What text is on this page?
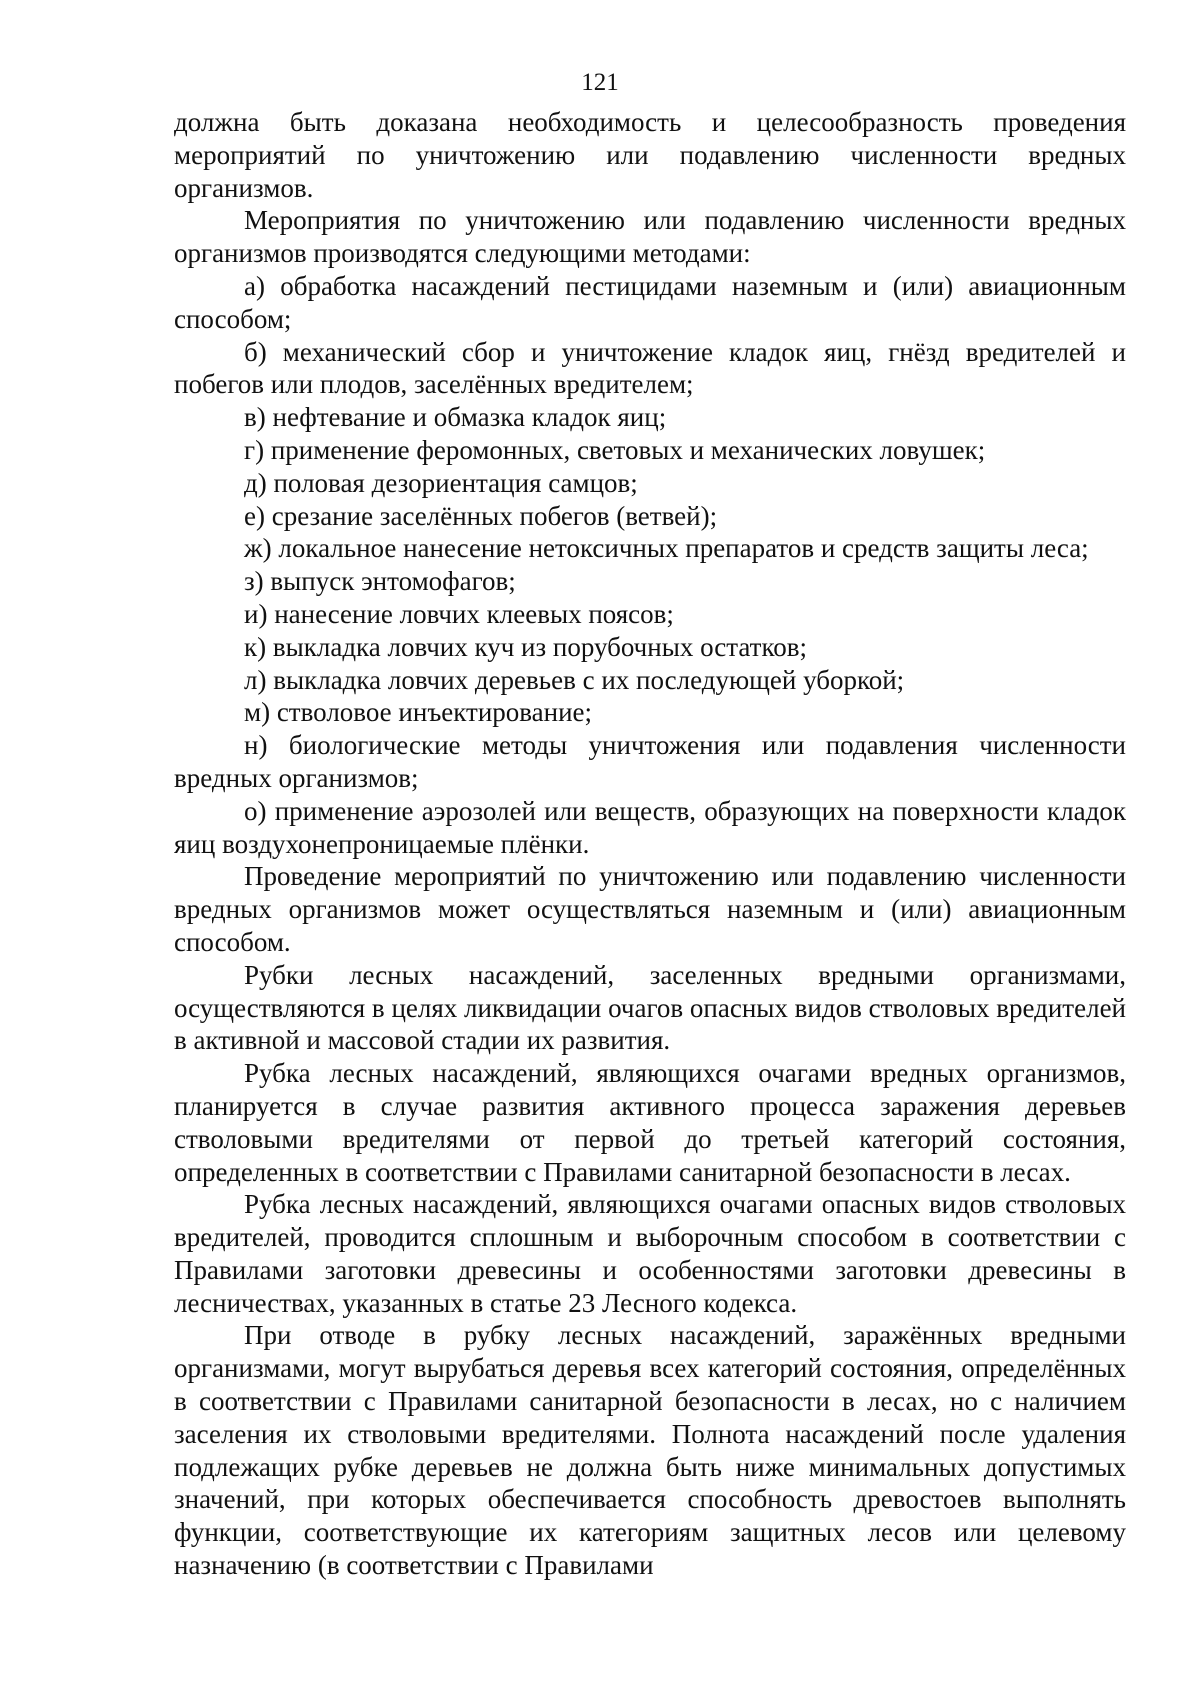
121

должна быть доказана необходимость и целесообразность проведения мероприятий по уничтожению или подавлению численности вредных организмов.

Мероприятия по уничтожению или подавлению численности вредных организмов производятся следующими методами:

а) обработка насаждений пестицидами наземным и (или) авиационным способом;

б) механический сбор и уничтожение кладок яиц, гнёзд вредителей и побегов или плодов, заселённых вредителем;

в) нефтевание и обмазка кладок яиц;

г) применение феромонных, световых и механических ловушек;

д) половая дезориентация самцов;

е) срезание заселённых побегов (ветвей);

ж) локальное нанесение нетоксичных препаратов и средств защиты леса;

з) выпуск энтомофагов;

и) нанесение ловчих клеевых поясов;

к) выкладка ловчих куч из порубочных остатков;

л) выкладка ловчих деревьев с их последующей уборкой;

м) стволовое инъектирование;

н) биологические методы уничтожения или подавления численности вредных организмов;

о) применение аэрозолей или веществ, образующих на поверхности кладок яиц воздухонепроницаемые плёнки.

Проведение мероприятий по уничтожению или подавлению численности вредных организмов может осуществляться наземным и (или) авиационным способом.

Рубки лесных насаждений, заселенных вредными организмами, осуществляются в целях ликвидации очагов опасных видов стволовых вредителей в активной и массовой стадии их развития.

Рубка лесных насаждений, являющихся очагами вредных организмов, планируется в случае развития активного процесса заражения деревьев стволовыми вредителями от первой до третьей категорий состояния, определенных в соответствии с Правилами санитарной безопасности в лесах.

Рубка лесных насаждений, являющихся очагами опасных видов стволовых вредителей, проводится сплошным и выборочным способом в соответствии с Правилами заготовки древесины и особенностями заготовки древесины в лесничествах, указанных в статье 23 Лесного кодекса.

При отводе в рубку лесных насаждений, заражённых вредными организмами, могут вырубаться деревья всех категорий состояния, определённых в соответствии с Правилами санитарной безопасности в лесах, но с наличием заселения их стволовыми вредителями. Полнота насаждений после удаления подлежащих рубке деревьев не должна быть ниже минимальных допустимых значений, при которых обеспечивается способность древостоев выполнять функции, соответствующие их категориям защитных лесов или целевому назначению (в соответствии с Правилами
